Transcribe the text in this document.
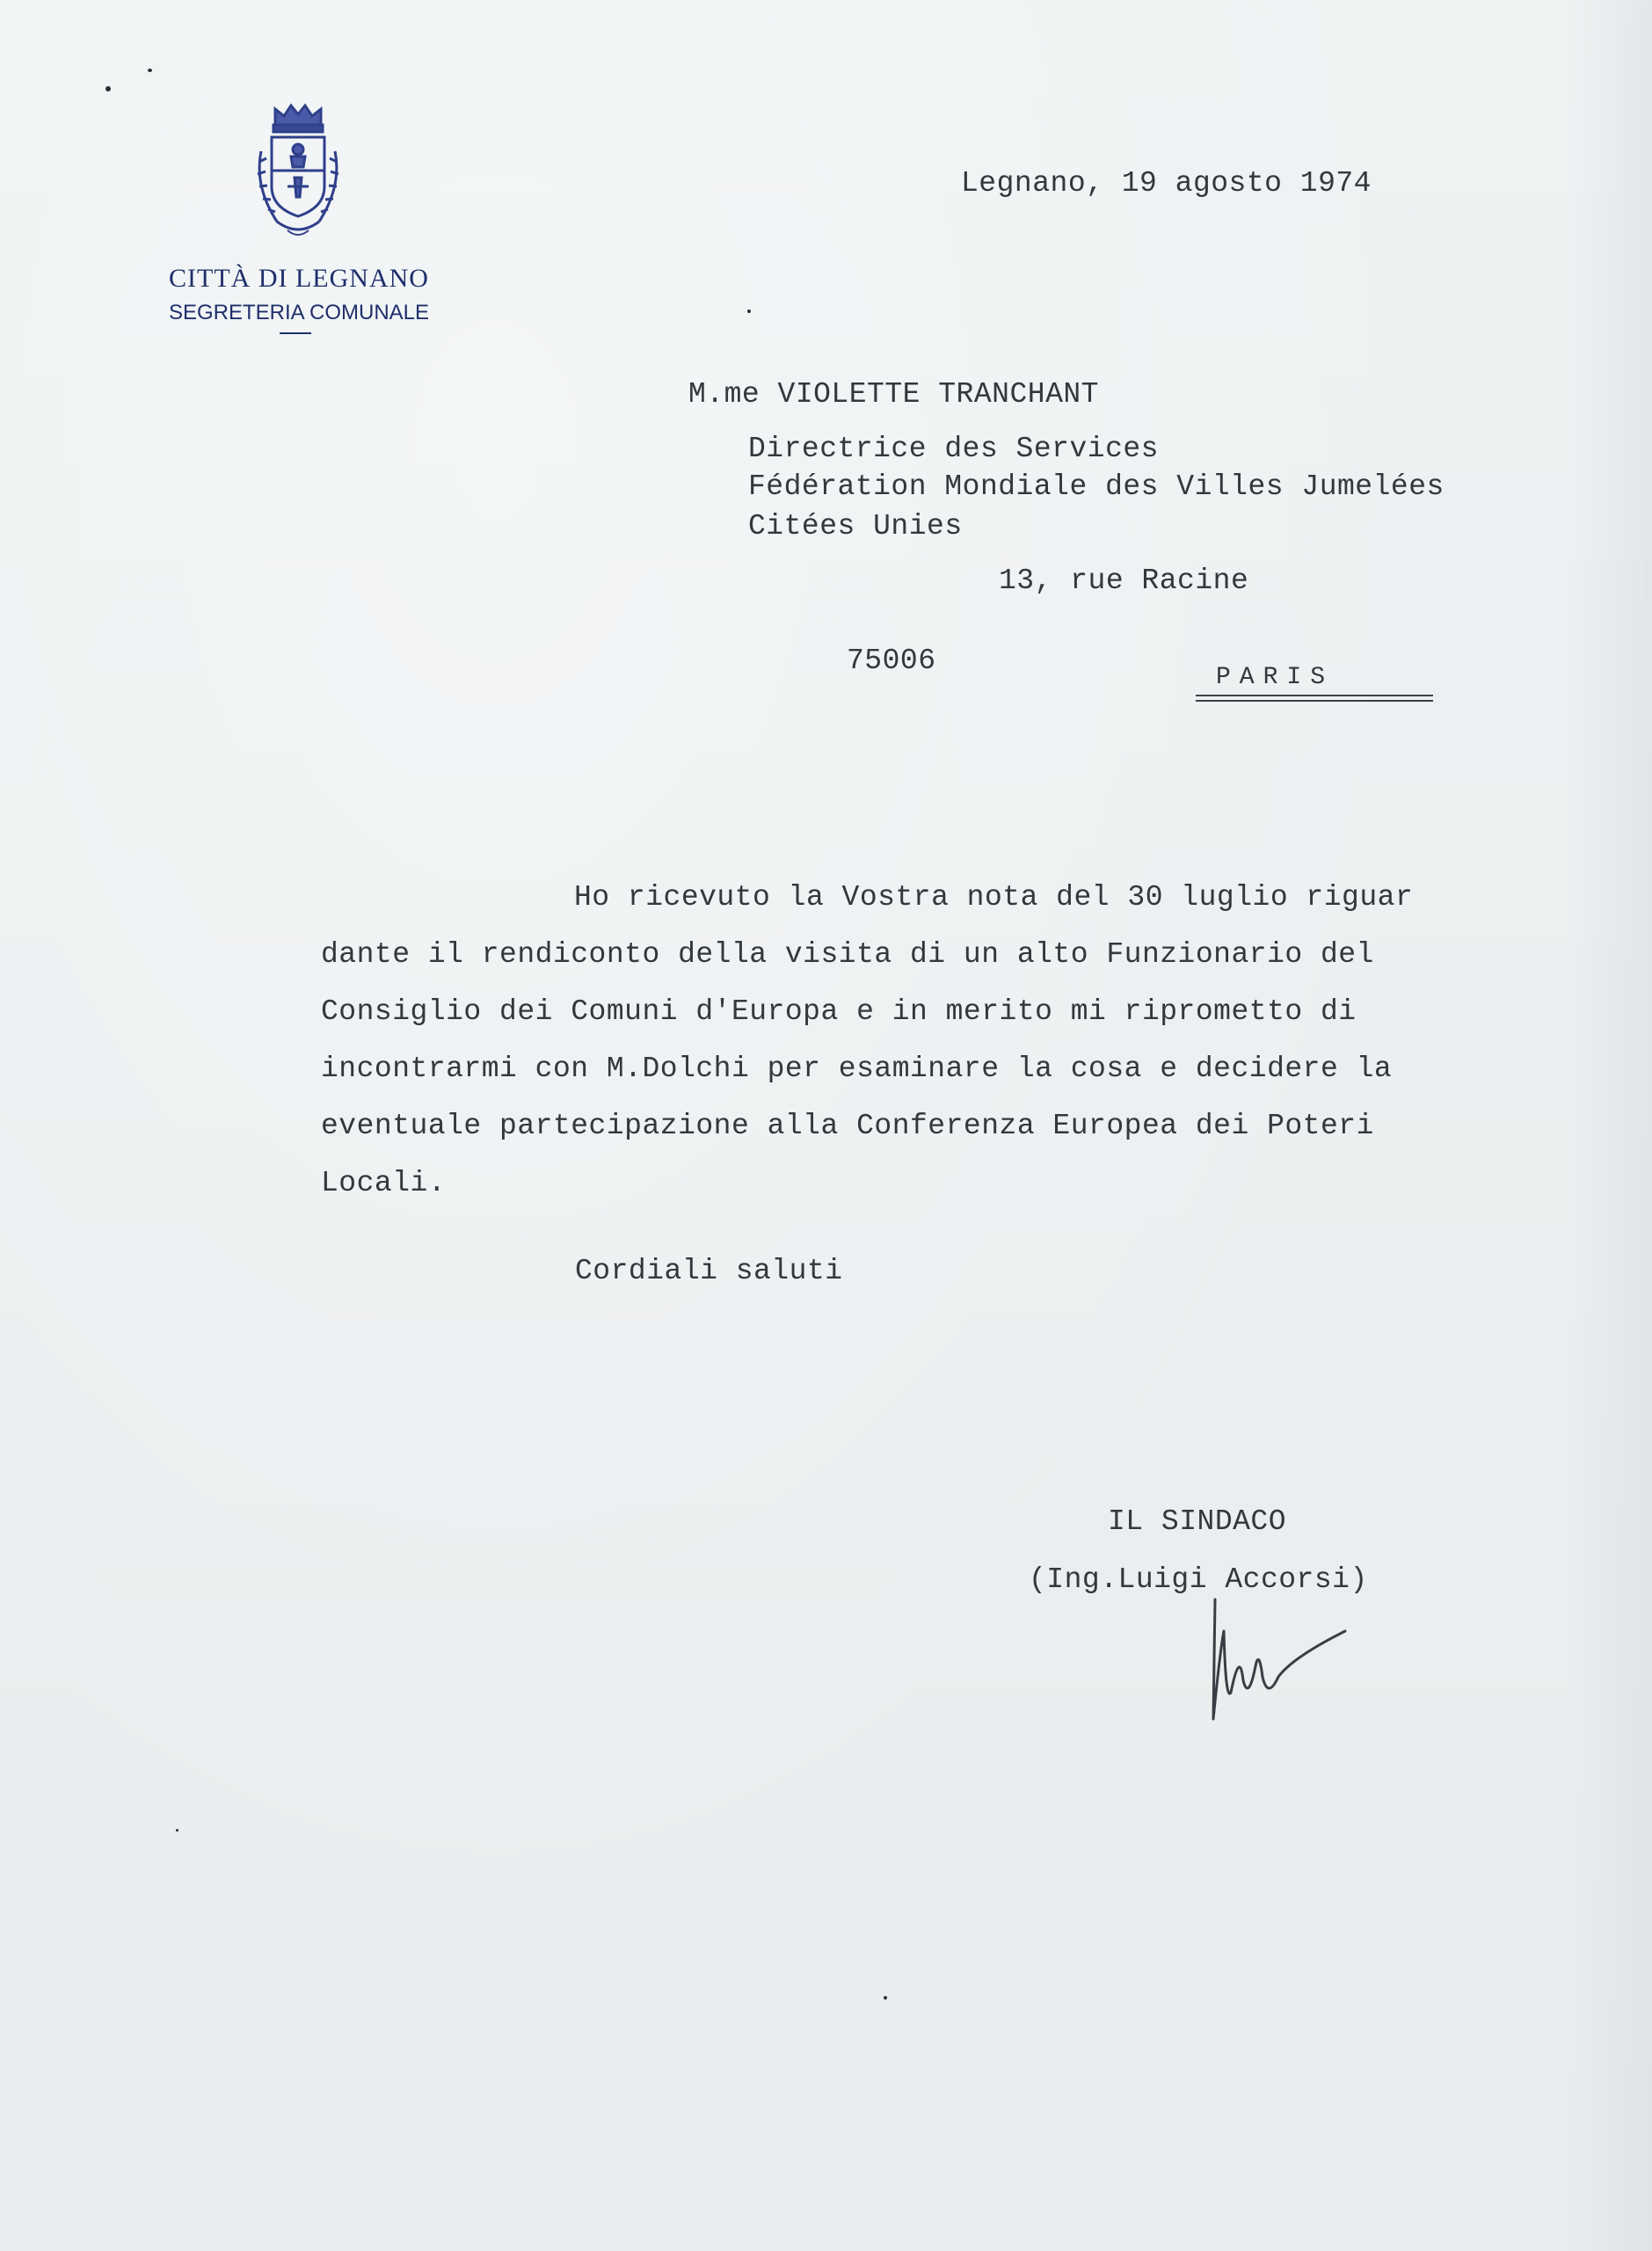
CITTÀ DI LEGNANO
SEGRETERIA COMUNALE
Legnano, 19 agosto 1974
M.me VIOLETTE TRANCHANT
Directrice des Services
Fédération Mondiale des Villes Jumelées
Citées Unies
13, rue Racine
75006
PARIS
Ho ricevuto la Vostra nota del 30 luglio riguar
dante il rendiconto della visita di un alto Funzionario del
Consiglio dei Comuni d'Europa e in merito mi riprometto di
incontrarmi con M.Dolchi per esaminare la cosa e decidere la
eventuale partecipazione alla Conferenza Europea dei Poteri
Locali.
Cordiali saluti
IL SINDACO
(Ing.Luigi Accorsi)
